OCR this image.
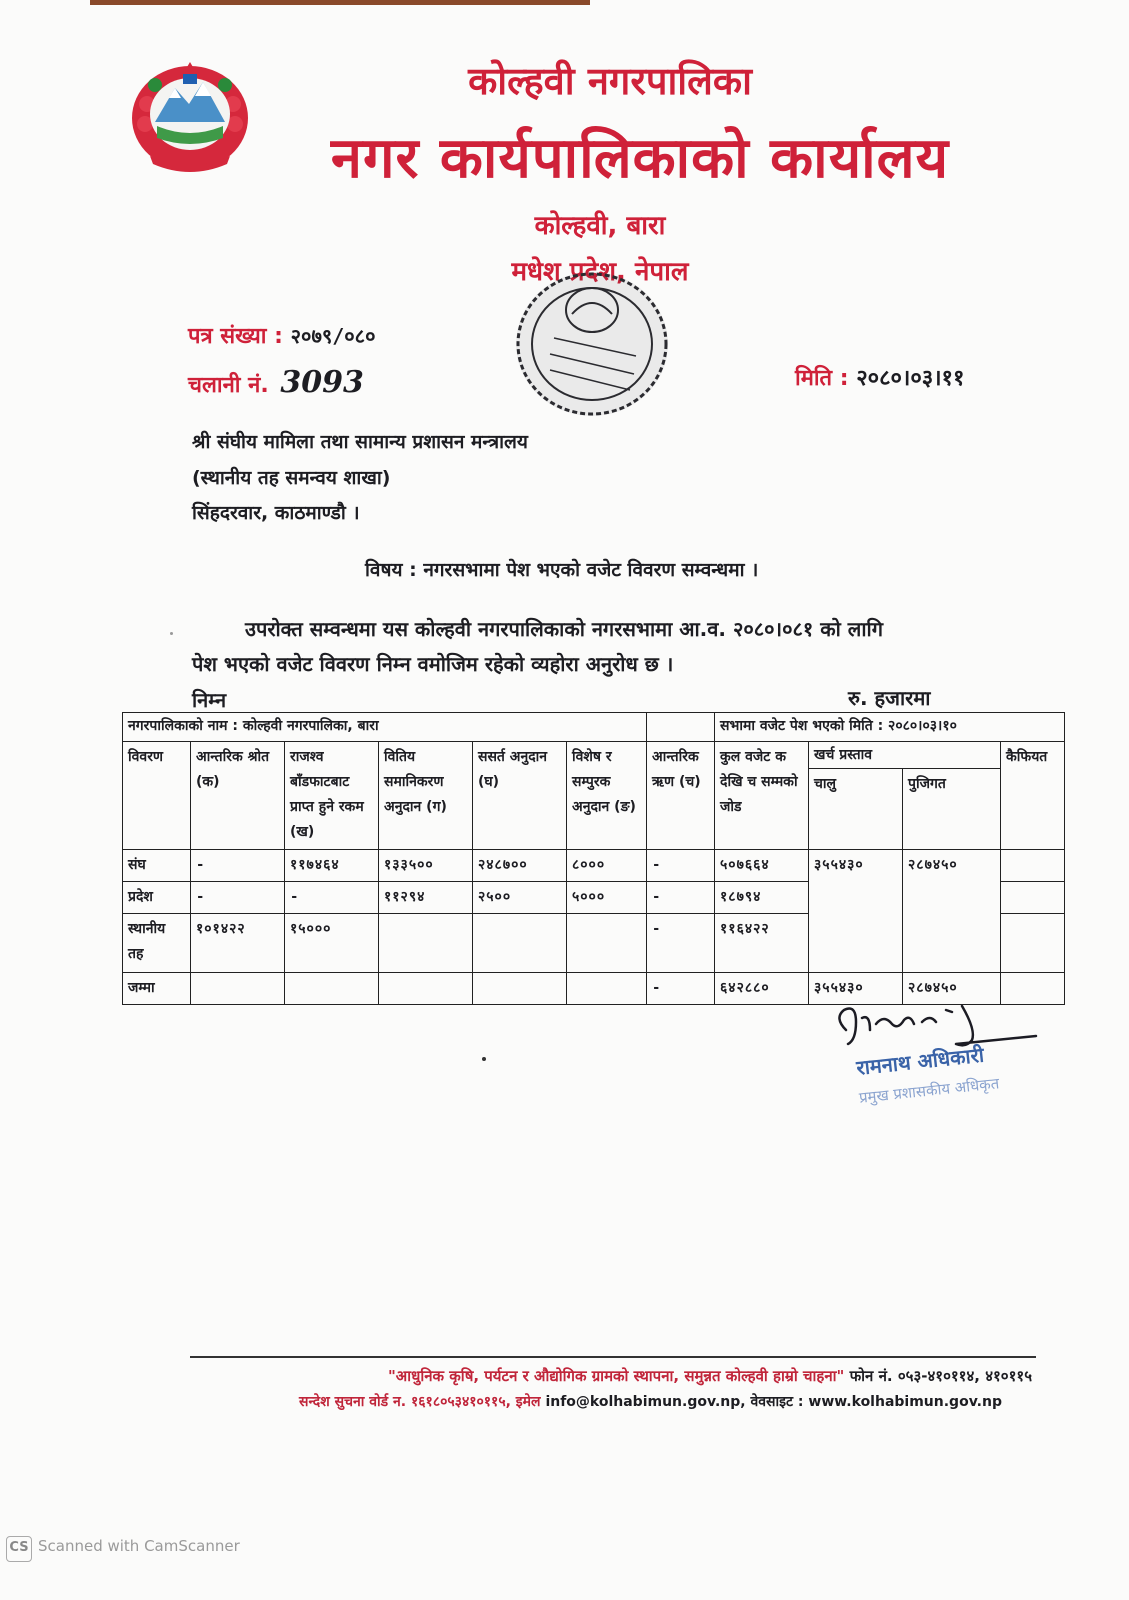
कोल्हवी नगरपालिका
नगर कार्यपालिकाको कार्यालय
कोल्हवी, बारा
मधेश प्रदेश, नेपाल
पत्र संख्या : २०७९/०८०
चलानी नं. 3093	मिति : २०८०।०३।११
श्री संघीय मामिला तथा सामान्य प्रशासन मन्त्रालय
(स्थानीय तह समन्वय शाखा)
सिंहदरवार, काठमाण्डौ ।
विषय : नगरसभामा पेश भएको वजेट विवरण सम्वन्धमा ।
उपरोक्त सम्वन्धमा यस कोल्हवी नगरपालिकाको नगरसभामा आ.व. २०८०।०८१ को लागि
पेश भएको वजेट विवरण निम्न वमोजिम रहेको व्यहोरा अनुरोध छ ।
निम्न	रु. हजारमा
नगरपालिकाको नाम : कोल्हवी नगरपालिका, बारा							सभामा वजेट पेश भएको मिति : २०८०।०३।१०			
विवरण	आन्तरिक श्रोत (क)	राजश्व बाँडफाटबाट प्राप्त हुने रकम (ख)	वितिय समानिकरण अनुदान (ग)	ससर्त अनुदान (घ)	विशेष र सम्पुरक अनुदान (ङ)	आन्तरिक ऋण (च)	कुल वजेट क देखि च सम्मको जोड	खर्च प्रस्ताव		कैफियत
								चालु	पुजिगत	
संघ	-	११७४६४	१३३५००	२४८७००	८०००	-	५०७६६४	३५५४३०	२८७४५०	
प्रदेश	-	-	११२९४	२५००	५०००	-	१८७९४			
स्थानीय तह	१०१४२२	१५०००				-	११६४२२			
जम्मा						-	६४२८८०	३५५४३०	२८७४५०	
रामनाथ अधिकारी
प्रमुख प्रशासकीय अधिकृत
"आधुनिक कृषि, पर्यटन र औद्योगिक ग्रामको स्थापना, समुन्नत कोल्हवी हाम्रो चाहना" फोन नं. ०५३-४१०११४, ४१०११५
सन्देश सुचना वोर्ड न. १६१८०५३४१०११५, इमेल info@kolhabimun.gov.np, वेवसाइट : www.kolhabimun.gov.np
CS Scanned with CamScanner
